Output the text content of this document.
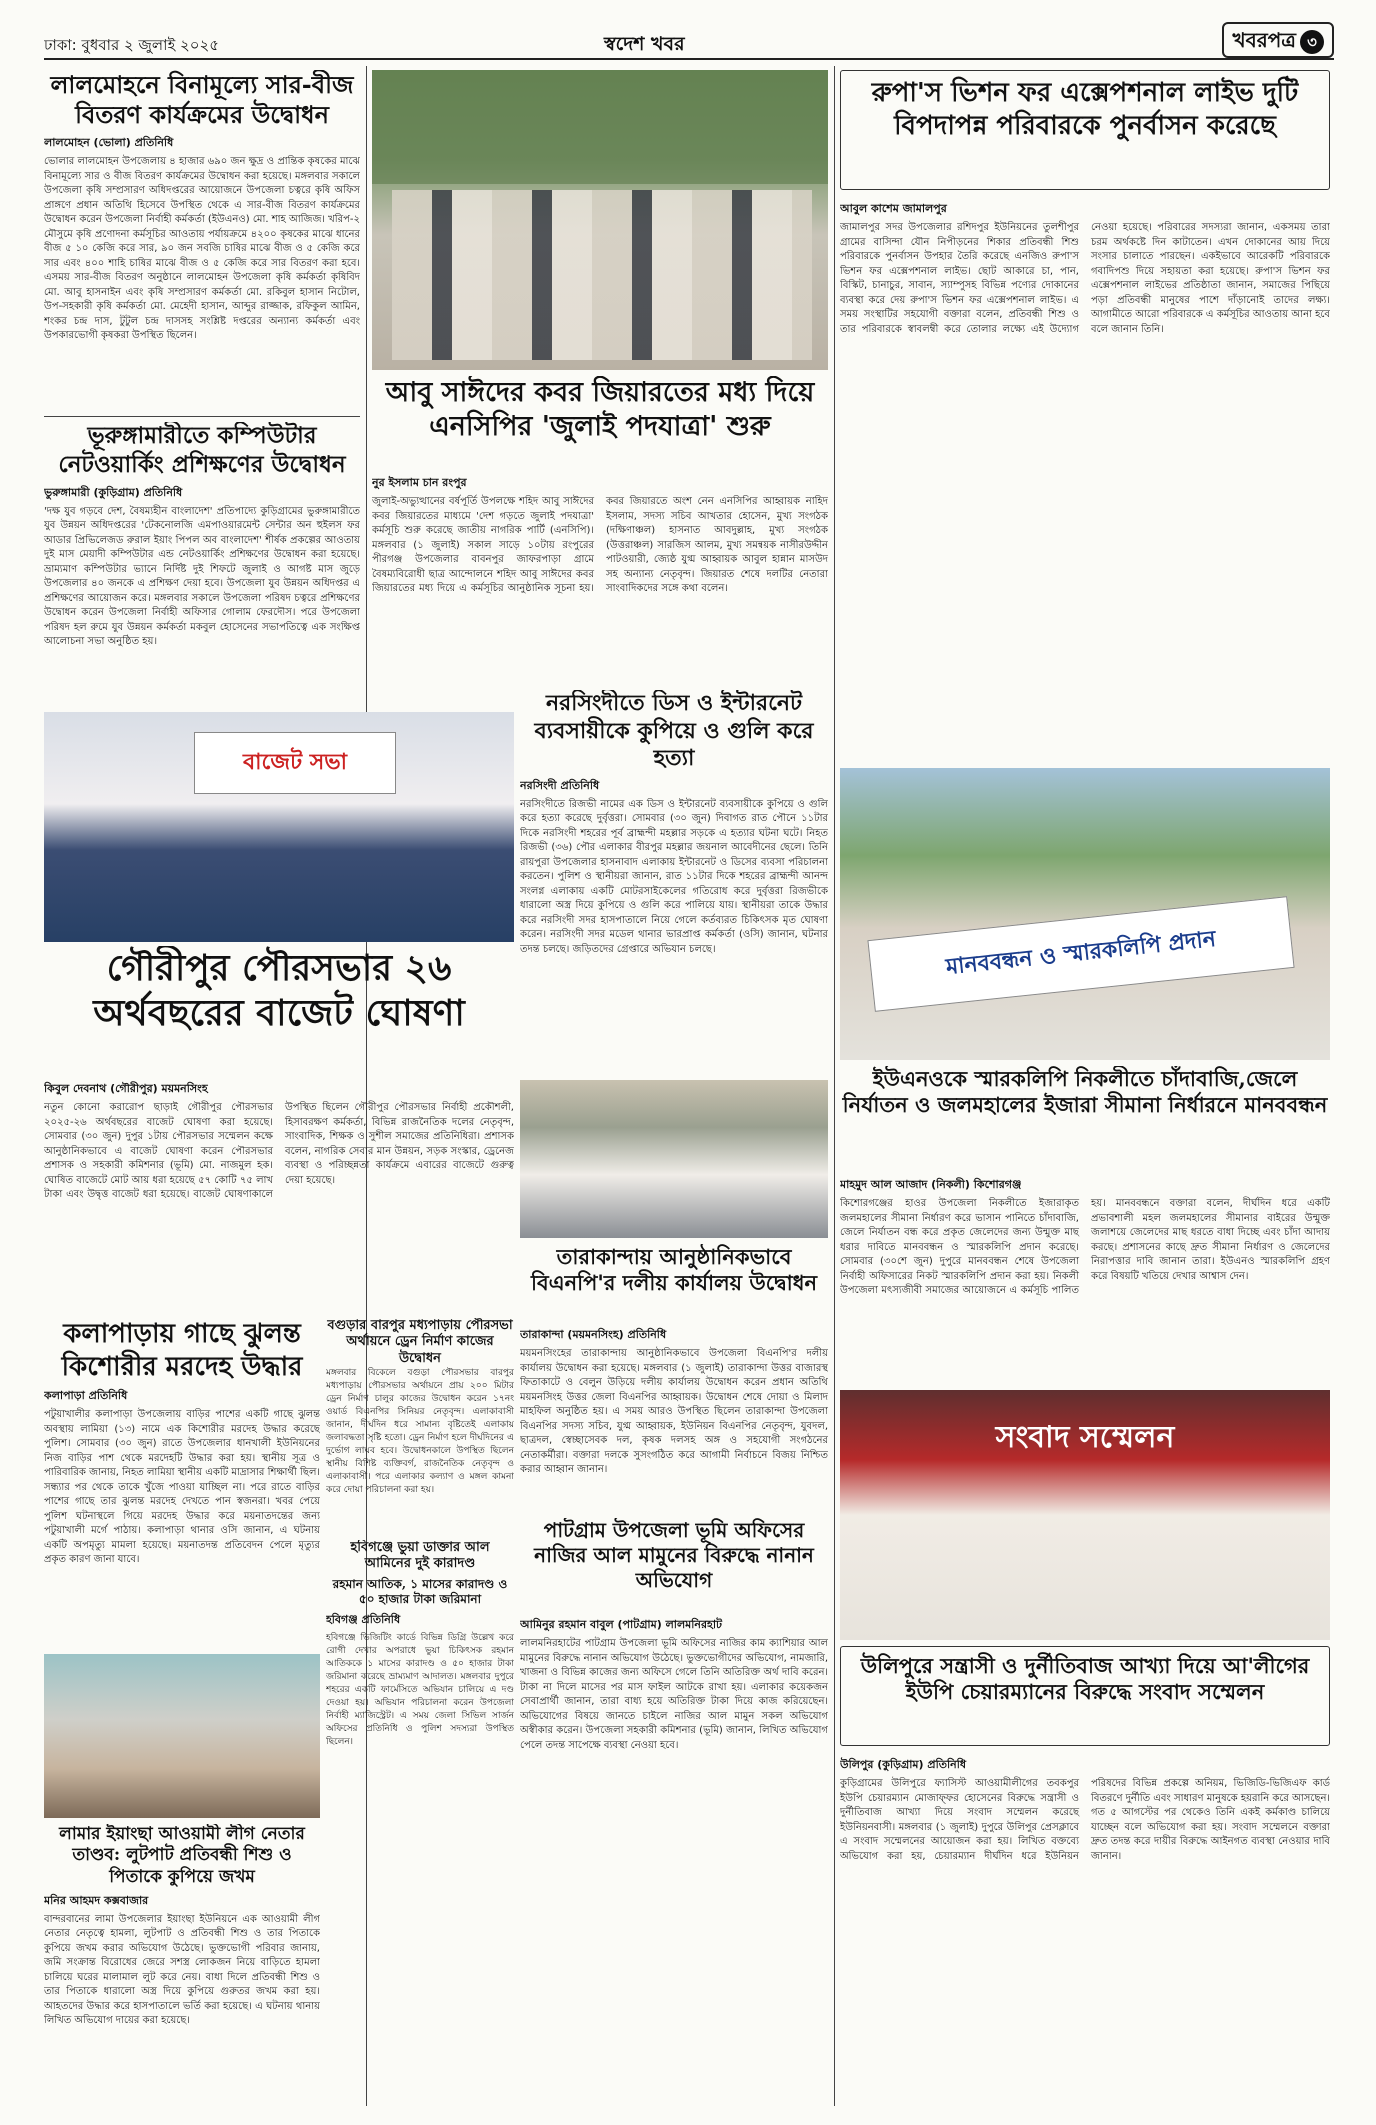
ঢাকা: বুধবার ২ জুলাই ২০২৫	স্বদেশ খবর	খবরপত্র ৩
লালমোহনে বিনামূল্যে সার-বীজ বিতরণ কার্যক্রমের উদ্বোধন
লালমোহন (ভোলা) প্রতিনিধি
ভোলার লালমোহন উপজেলায় ৪ হাজার ৬৯০ জন ক্ষুদ্র ও প্রান্তিক কৃষকের মাঝে বিনামূল্যে সার ও বীজ বিতরণ কার্যক্রমের উদ্বোধন করা হয়েছে। মঙ্গলবার সকালে উপজেলা কৃষি সম্প্রসারণ অধিদপ্তরের আয়োজনে উপজেলা চত্বরে কৃষি অফিস প্রাঙ্গণে প্রধান অতিথি হিসেবে উপস্থিত থেকে এ সার-বীজ বিতরণ কার্যক্রমের উদ্বোধন করেন উপজেলা নির্বাহী কর্মকর্তা (ইউএনও) মো. শাহ আজিজ। খরিপ-২ মৌসুমে কৃষি প্রণোদনা কর্মসূচির আওতায় পর্যায়ক্রমে ৪২০০ কৃষকের মাঝে ধানের বীজ ৫ ১০ কেজি করে সার, ৯০ জন সবজি চাষির মাঝে বীজ ও ৫ কেজি করে সার এবং ৪০০ শাহি চাষির মাঝে বীজ ও ৫ কেজি করে সার বিতরণ করা হবে। এসময় সার-বীজ বিতরণ অনুষ্ঠানে লালমোহন উপজেলা কৃষি কর্মকর্তা কৃষিবিদ মো. আবু হাসনাইন এবং কৃষি সম্প্রসারণ কর্মকর্তা মো. রকিবুল হাসান নিটোল, উপ-সহকারী কৃষি কর্মকর্তা মো. মেহেদী হাসান, আব্দুর রাজ্জাক, রফিকুল আমিন, শংকর চন্দ্র দাস, টুটুল চন্দ্র দাসসহ সংশ্লিষ্ট দপ্তরের অন্যান্য কর্মকর্তা এবং উপকারভোগী কৃষকরা উপস্থিত ছিলেন।
ভূরুঙ্গামারীতে কম্পিউটার নেটওয়ার্কিং প্রশিক্ষণের উদ্বোধন
ভুরুঙ্গামারী (কুড়িগ্রাম) প্রতিনিধি
'দক্ষ যুব গড়বে দেশ, বৈষম্যহীন বাংলাদেশ' প্রতিপাদ্যে কুড়িগ্রামের ভুরুঙ্গামারীতে যুব উন্নয়ন অধিদপ্তরের 'টেকনোলজি এমপাওয়ারমেন্ট সেন্টার অন হুইলস ফর আডার প্রিভিলেজড রুরাল ইয়াং পিপল অব বাংলাদেশ' শীর্ষক প্রকল্পের আওতায় দুই মাস মেয়াদী কম্পিউটার এন্ড নেটওয়ার্কিং প্রশিক্ষণের উদ্বোধন করা হয়েছে। ভ্রাম্যমাণ কম্পিউটার ভ্যানে নির্দিষ্ট দুই শিফটে জুলাই ও আগষ্ট মাস জুড়ে উপজেলার ৪০ জনকে এ প্রশিক্ষণ দেয়া হবে। উপজেলা যুব উন্নয়ন অধিদপ্তর এ প্রশিক্ষণের আয়োজন করে। মঙ্গলবার সকালে উপজেলা পরিষদ চত্বরে প্রশিক্ষণের উদ্বোধন করেন উপজেলা নির্বাহী অফিসার গোলাম ফেরদৌস। পরে উপজেলা পরিষদ হল রুমে যুব উন্নয়ন কর্মকর্তা মকবুল হোসেনের সভাপতিত্বে এক সংক্ষিপ্ত আলোচনা সভা অনুষ্ঠিত হয়।
আবু সাঈদের কবর জিয়ারতের মধ্য দিয়ে এনসিপির 'জুলাই পদযাত্রা' শুরু
নুর ইসলাম চান রংপুর
জুলাই-অভ্যুত্থানের বর্ষপূর্তি উপলক্ষে শহিদ আবু সাঈদের কবর জিয়ারতের মাধ্যমে 'দেশ গড়তে জুলাই পদযাত্রা' কর্মসূচি শুরু করেছে জাতীয় নাগরিক পার্টি (এনসিপি)। মঙ্গলবার (১ জুলাই) সকাল সাড়ে ১০টায় রংপুরের পীরগঞ্জ উপজেলার বাবনপুর জাফরপাড়া গ্রামে বৈষম্যবিরোধী ছাত্র আন্দোলনে শহিদ আবু সাঈদের কবর জিয়ারতের মধ্য দিয়ে এ কর্মসূচির আনুষ্ঠানিক সূচনা হয়। কবর জিয়ারতে অংশ নেন এনসিপির আহ্বায়ক নাহিদ ইসলাম, সদস্য সচিব আখতার হোসেন, মুখ্য সংগঠক (দক্ষিণাঞ্চল) হাসনাত আবদুল্লাহ, মুখ্য সংগঠক (উত্তরাঞ্চল) সারজিস আলম, মুখ্য সমন্বয়ক নাসীরউদ্দীন পাটওয়ারী, জ্যেষ্ঠ যুগ্ম আহ্বায়ক আবুল হান্নান মাসউদ সহ অন্যান্য নেতৃবৃন্দ। জিয়ারত শেষে দলটির নেতারা সাংবাদিকদের সঙ্গে কথা বলেন।
রুপা'স ভিশন ফর এক্সেপশনাল লাইভ দুটি বিপদাপন্ন পরিবারকে পুনর্বাসন করেছে
আবুল কাশেম জামালপুর
জামালপুর সদর উপজেলার রশিদপুর ইউনিয়নের তুলশীপুর গ্রামের বাসিন্দা যৌন নিপীড়নের শিকার প্রতিবন্ধী শিশু পরিবারকে পুনর্বাসন উপহার তৈরি করেছে এনজিও রুপা'স ভিশন ফর এক্সেপশনাল লাইভ। ছোট আকারে চা, পান, বিস্কিট, চানাচুর, সাবান, স্যাম্পুসহ বিভিন্ন পণ্যের দোকানের ব্যবস্থা করে দেয় রুপা'স ভিশন ফর এক্সেপশনাল লাইভ। এ সময় সংস্থাটির সহযোগী বক্তারা বলেন, প্রতিবন্ধী শিশু ও তার পরিবারকে স্বাবলম্বী করে তোলার লক্ষ্যে এই উদ্যোগ নেওয়া হয়েছে। পরিবারের সদস্যরা জানান, একসময় তারা চরম অর্থকষ্টে দিন কাটাতেন। এখন দোকানের আয় দিয়ে সংসার চালাতে পারছেন। একইভাবে আরেকটি পরিবারকে গবাদিপশু দিয়ে সহায়তা করা হয়েছে। রুপা'স ভিশন ফর এক্সেপশনাল লাইভের প্রতিষ্ঠাতা জানান, সমাজের পিছিয়ে পড়া প্রতিবন্ধী মানুষের পাশে দাঁড়ানোই তাদের লক্ষ্য। আগামীতে আরো পরিবারকে এ কর্মসূচির আওতায় আনা হবে বলে জানান তিনি।
নরসিংদীতে ডিস ও ইন্টারনেট ব্যবসায়ীকে কুপিয়ে ও গুলি করে হত্যা
নরসিংদী প্রতিনিধি
নরসিংদীতে রিজভী নামের এক ডিস ও ইন্টারনেট ব্যবসায়ীকে কুপিয়ে ও গুলি করে হত্যা করেছে দুর্বৃত্তরা। সোমবার (৩০ জুন) দিবাগত রাত পৌনে ১১টার দিকে নরসিংদী শহরের পূর্ব ব্রাহ্মন্দী মহল্লার সড়কে এ হত্যার ঘটনা ঘটে। নিহত রিজভী (৩৬) পৌর এলাকার বীরপুর মহল্লার জয়নাল আবেদীনের ছেলে। তিনি রায়পুরা উপজেলার হাসনাবাদ এলাকায় ইন্টারনেট ও ডিসের ব্যবসা পরিচালনা করতেন। পুলিশ ও স্থানীয়রা জানান, রাত ১১টার দিকে শহরের ব্রাহ্মন্দী আনন্দ সংলগ্ন এলাকায় একটি মোটরসাইকেলের গতিরোধ করে দুর্বৃত্তরা রিজভীকে ধারালো অস্ত্র দিয়ে কুপিয়ে ও গুলি করে পালিয়ে যায়। স্থানীয়রা তাকে উদ্ধার করে নরসিংদী সদর হাসপাতালে নিয়ে গেলে কর্তব্যরত চিকিৎসক মৃত ঘোষণা করেন। নরসিংদী সদর মডেল থানার ভারপ্রাপ্ত কর্মকর্তা (ওসি) জানান, ঘটনার তদন্ত চলছে। জড়িতদের গ্রেপ্তারে অভিযান চলছে।
বাজেট সভা
গৌরীপুর পৌরসভার ২৬ অর্থবছরের বাজেট ঘোষণা
কিবুল দেবনাথ (গৌরীপুর) ময়মনসিংহ
নতুন কোনো করারোপ ছাড়াই গৌরীপুর পৌরসভার ২০২৫-২৬ অর্থবছরের বাজেট ঘোষণা করা হয়েছে। সোমবার (৩০ জুন) দুপুর ১টায় পৌরসভার সম্মেলন কক্ষে আনুষ্ঠানিকভাবে এ বাজেট ঘোষণা করেন পৌরসভার প্রশাসক ও সহকারী কমিশনার (ভূমি) মো. নাজমুল হক। ঘোষিত বাজেটে মোট আয় ধরা হয়েছে ৫৭ কোটি ৭৫ লাখ টাকা এবং উদ্বৃত্ত বাজেট ধরা হয়েছে। বাজেট ঘোষণাকালে উপস্থিত ছিলেন গৌরীপুর পৌরসভার নির্বাহী প্রকৌশলী, হিসাবরক্ষণ কর্মকর্তা, বিভিন্ন রাজনৈতিক দলের নেতৃবৃন্দ, সাংবাদিক, শিক্ষক ও সুশীল সমাজের প্রতিনিধিরা। প্রশাসক বলেন, নাগরিক সেবার মান উন্নয়ন, সড়ক সংস্কার, ড্রেনেজ ব্যবস্থা ও পরিচ্ছন্নতা কার্যক্রমে এবারের বাজেটে গুরুত্ব দেয়া হয়েছে।
মানববন্ধন ও স্মারকলিপি প্রদান
ইউএনওকে স্মারকলিপি নিকলীতে চাঁদাবাজি,জেলে নির্যাতন ও জলমহালের ইজারা সীমানা নির্ধারনে মানববন্ধন
মাহমুদ আল আজাদ (নিকলী) কিশোরগঞ্জ
কিশোরগঞ্জের হাওর উপজেলা নিকলীতে ইজারাকৃত জলমহালের সীমানা নির্ধারণ করে ভাসান পানিতে চাঁদাবাজি, জেলে নির্যাতন বন্ধ করে প্রকৃত জেলেদের জন্য উন্মুক্ত মাছ ধরার দাবিতে মানববন্ধন ও স্মারকলিপি প্রদান করেছে। সোমবার (৩০শে জুন) দুপুরে মানববন্ধন শেষে উপজেলা নির্বাহী অফিসারের নিকট স্মারকলিপি প্রদান করা হয়। নিকলী উপজেলা মৎস্যজীবী সমাজের আয়োজনে এ কর্মসূচি পালিত হয়। মানববন্ধনে বক্তারা বলেন, দীর্ঘদিন ধরে একটি প্রভাবশালী মহল জলমহালের সীমানার বাইরের উন্মুক্ত জলাশয়ে জেলেদের মাছ ধরতে বাধা দিচ্ছে এবং চাঁদা আদায় করছে। প্রশাসনের কাছে দ্রুত সীমানা নির্ধারণ ও জেলেদের নিরাপত্তার দাবি জানান তারা। ইউএনও স্মারকলিপি গ্রহণ করে বিষয়টি খতিয়ে দেখার আশ্বাস দেন।
তারাকান্দায় আনুষ্ঠানিকভাবে বিএনপি'র দলীয় কার্যালয় উদ্বোধন
তারাকান্দা (ময়মনসিংহ) প্রতিনিধি
ময়মনসিংহের তারাকান্দায় আনুষ্ঠানিকভাবে উপজেলা বিএনপি'র দলীয় কার্যালয় উদ্বোধন করা হয়েছে। মঙ্গলবার (১ জুলাই) তারাকান্দা উত্তর বাজারস্থ ফিতাকাটে ও বেলুন উড়িয়ে দলীয় কার্যালয় উদ্বোধন করেন প্রধান অতিথি ময়মনসিংহ উত্তর জেলা বিএনপির আহ্বায়ক। উদ্বোধন শেষে দোয়া ও মিলাদ মাহফিল অনুষ্ঠিত হয়। এ সময় আরও উপস্থিত ছিলেন তারাকান্দা উপজেলা বিএনপির সদস্য সচিব, যুগ্ম আহ্বায়ক, ইউনিয়ন বিএনপির নেতৃবৃন্দ, যুবদল, ছাত্রদল, স্বেচ্ছাসেবক দল, কৃষক দলসহ অঙ্গ ও সহযোগী সংগঠনের নেতাকর্মীরা। বক্তারা দলকে সুসংগঠিত করে আগামী নির্বাচনে বিজয় নিশ্চিত করার আহ্বান জানান।
কলাপাড়ায় গাছে ঝুলন্ত কিশোরীর মরদেহ উদ্ধার
কলাপাড়া প্রতিনিধি
পটুয়াখালীর কলাপাড়া উপজেলায় বাড়ির পাশের একটি গাছে ঝুলন্ত অবস্থায় লামিয়া (১৩) নামে এক কিশোরীর মরদেহ উদ্ধার করেছে পুলিশ। সোমবার (৩০ জুন) রাতে উপজেলার ধানখালী ইউনিয়নের নিজ বাড়ির পাশ থেকে মরদেহটি উদ্ধার করা হয়। স্থানীয় সূত্র ও পারিবারিক জানায়, নিহত লামিয়া স্থানীয় একটি মাদ্রাসার শিক্ষার্থী ছিল। সন্ধ্যার পর থেকে তাকে খুঁজে পাওয়া যাচ্ছিল না। পরে রাতে বাড়ির পাশের গাছে তার ঝুলন্ত মরদেহ দেখতে পান স্বজনরা। খবর পেয়ে পুলিশ ঘটনাস্থলে গিয়ে মরদেহ উদ্ধার করে ময়নাতদন্তের জন্য পটুয়াখালী মর্গে পাঠায়। কলাপাড়া থানার ওসি জানান, এ ঘটনায় একটি অপমৃত্যু মামলা হয়েছে। ময়নাতদন্ত প্রতিবেদন পেলে মৃত্যুর প্রকৃত কারণ জানা যাবে।
বগুড়ার বারপুর মধ্যপাড়ায় পৌরসভা অর্থায়নে ড্রেন নির্মাণ কাজের উদ্বোধন
মঙ্গলবার বিকেলে বগুড়া পৌরসভার বারপুর মধ্যপাড়ায় পৌরসভার অর্থায়নে প্রায় ২০০ মিটার ড্রেন নির্মাণ চালুর কাজের উদ্বোধন করেন ১৭নং ওয়ার্ড বিএনপির সিনিয়র নেতৃবৃন্দ। এলাকাবাসী জানান, দীর্ঘদিন ধরে সামান্য বৃষ্টিতেই এলাকায় জলাবদ্ধতা সৃষ্টি হতো। ড্রেন নির্মাণ হলে দীর্ঘদিনের এ দুর্ভোগ লাঘব হবে। উদ্বোধনকালে উপস্থিত ছিলেন স্থানীয় বিশিষ্ট ব্যক্তিবর্গ, রাজনৈতিক নেতৃবৃন্দ ও এলাকাবাসী। পরে এলাকার কল্যাণ ও মঙ্গল কামনা করে দোয়া পরিচালনা করা হয়।
হবিগঞ্জে ভুয়া ডাক্তার আল আমিনের দুই কারাদণ্ড
রহমান আতিক, ১ মাসের কারাদণ্ড ও ৫০ হাজার টাকা জরিমানা
হবিগঞ্জ প্রতিনিধি
হবিগঞ্জে ভিজিটিং কার্ডে বিভিন্ন ডিগ্রি উল্লেখ করে রোগী দেখার অপরাধে ভুয়া চিকিৎসক রহমান আতিককে ১ মাসের কারাদণ্ড ও ৫০ হাজার টাকা জরিমানা করেছে ভ্রাম্যমাণ আদালত। মঙ্গলবার দুপুরে শহরের একটি ফার্মেসিতে অভিযান চালিয়ে এ দণ্ড দেওয়া হয়। অভিযান পরিচালনা করেন উপজেলা নির্বাহী ম্যাজিস্ট্রেট। এ সময় জেলা সিভিল সার্জন অফিসের প্রতিনিধি ও পুলিশ সদস্যরা উপস্থিত ছিলেন।
লামার ইয়াংছা আওয়ামী লীগ নেতার তাণ্ডব: লুটপাট প্রতিবন্ধী শিশু ও পিতাকে কুপিয়ে জখম
মনির আহমদ কক্সবাজার
বান্দরবানের লামা উপজেলার ইয়াংছা ইউনিয়নে এক আওয়ামী লীগ নেতার নেতৃত্বে হামলা, লুটপাট ও প্রতিবন্ধী শিশু ও তার পিতাকে কুপিয়ে জখম করার অভিযোগ উঠেছে। ভুক্তভোগী পরিবার জানায়, জমি সংক্রান্ত বিরোধের জেরে সশস্ত্র লোকজন নিয়ে বাড়িতে হামলা চালিয়ে ঘরের মালামাল লুট করে নেয়। বাধা দিলে প্রতিবন্ধী শিশু ও তার পিতাকে ধারালো অস্ত্র দিয়ে কুপিয়ে গুরুতর জখম করা হয়। আহতদের উদ্ধার করে হাসপাতালে ভর্তি করা হয়েছে। এ ঘটনায় থানায় লিখিত অভিযোগ দায়ের করা হয়েছে।
পাটগ্রাম উপজেলা ভূমি অফিসের নাজির আল মামুনের বিরুদ্ধে নানান অভিযোগ
আমিনুর রহমান বাবুল (পাটগ্রাম) লালমনিরহাট
লালমনিরহাটের পাটগ্রাম উপজেলা ভূমি অফিসের নাজির কাম ক্যাশিয়ার আল মামুনের বিরুদ্ধে নানান অভিযোগ উঠেছে। ভুক্তভোগীদের অভিযোগ, নামজারি, খাজনা ও বিভিন্ন কাজের জন্য অফিসে গেলে তিনি অতিরিক্ত অর্থ দাবি করেন। টাকা না দিলে মাসের পর মাস ফাইল আটকে রাখা হয়। এলাকার কয়েকজন সেবাপ্রার্থী জানান, তারা বাধ্য হয়ে অতিরিক্ত টাকা দিয়ে কাজ করিয়েছেন। অভিযোগের বিষয়ে জানতে চাইলে নাজির আল মামুন সকল অভিযোগ অস্বীকার করেন। উপজেলা সহকারী কমিশনার (ভূমি) জানান, লিখিত অভিযোগ পেলে তদন্ত সাপেক্ষে ব্যবস্থা নেওয়া হবে।
সংবাদ সম্মেলন
উলিপুরে সন্ত্রাসী ও দুর্নীতিবাজ আখ্যা দিয়ে আ'লীগের ইউপি চেয়ারম্যানের বিরুদ্ধে সংবাদ সম্মেলন
উলিপুর (কুড়িগ্রাম) প্রতিনিধি
কুড়িগ্রামের উলিপুরে ফ্যাসিস্ট আওয়ামীলীগের তবকপুর ইউপি চেয়ারম্যান মোজাফ্ফর হোসেনের বিরুদ্ধে সন্ত্রাসী ও দুর্নীতিবাজ আখ্যা দিয়ে সংবাদ সম্মেলন করেছে ইউনিয়নবাসী। মঙ্গলবার (১ জুলাই) দুপুরে উলিপুর প্রেসক্লাবে এ সংবাদ সম্মেলনের আয়োজন করা হয়। লিখিত বক্তব্যে অভিযোগ করা হয়, চেয়ারম্যান দীর্ঘদিন ধরে ইউনিয়ন পরিষদের বিভিন্ন প্রকল্পে অনিয়ম, ভিজিডি-ভিজিএফ কার্ড বিতরণে দুর্নীতি এবং সাধারণ মানুষকে হয়রানি করে আসছেন। গত ৫ আগস্টের পর থেকেও তিনি একই কর্মকাণ্ড চালিয়ে যাচ্ছেন বলে অভিযোগ করা হয়। সংবাদ সম্মেলনে বক্তারা দ্রুত তদন্ত করে দায়ীর বিরুদ্ধে আইনগত ব্যবস্থা নেওয়ার দাবি জানান।
